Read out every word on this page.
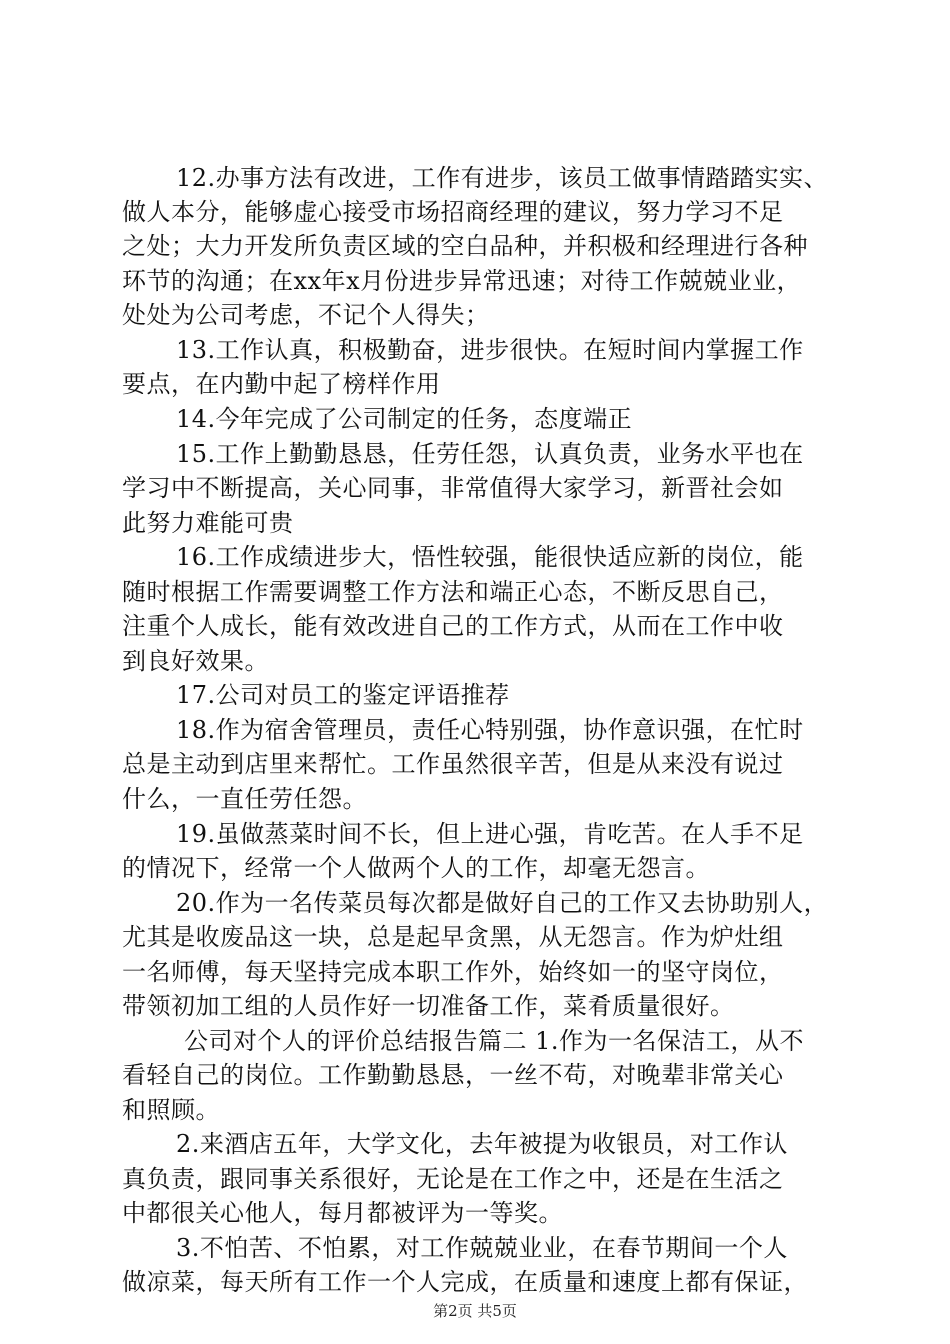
12.办事方法有改进，工作有进步，该员工做事情踏踏实实、
做人本分，能够虚心接受市场招商经理的建议，努力学习不足
之处；大力开发所负责区域的空白品种，并积极和经理进行各种
环节的沟通；在xx年x月份进步异常迅速；对待工作兢兢业业，
处处为公司考虑，不记个人得失；
13.工作认真，积极勤奋，进步很快。在短时间内掌握工作
要点，在内勤中起了榜样作用
14.今年完成了公司制定的任务，态度端正
15.工作上勤勤恳恳，任劳任怨，认真负责，业务水平也在
学习中不断提高，关心同事，非常值得大家学习，新晋社会如
此努力难能可贵
16.工作成绩进步大，悟性较强，能很快适应新的岗位，能
随时根据工作需要调整工作方法和端正心态，不断反思自己，
注重个人成长，能有效改进自己的工作方式，从而在工作中收
到良好效果。
17.公司对员工的鉴定评语推荐
18.作为宿舍管理员，责任心特别强，协作意识强，在忙时
总是主动到店里来帮忙。工作虽然很辛苦，但是从来没有说过
什么，一直任劳任怨。
19.虽做蒸菜时间不长，但上进心强，肯吃苦。在人手不足
的情况下，经常一个人做两个人的工作，却毫无怨言。
20.作为一名传菜员每次都是做好自己的工作又去协助别人，
尤其是收废品这一块，总是起早贪黑，从无怨言。作为炉灶组
一名师傅，每天坚持完成本职工作外，始终如一的坚守岗位，
带领初加工组的人员作好一切准备工作，菜肴质量很好。
公司对个人的评价总结报告篇二 1.作为一名保洁工，从不
看轻自己的岗位。工作勤勤恳恳，一丝不苟，对晚辈非常关心
和照顾。
2.来酒店五年，大学文化，去年被提为收银员，对工作认
真负责，跟同事关系很好，无论是在工作之中，还是在生活之
中都很关心他人，每月都被评为一等奖。
3.不怕苦、不怕累，对工作兢兢业业，在春节期间一个人
做凉菜，每天所有工作一个人完成，在质量和速度上都有保证，
第2页 共5页
